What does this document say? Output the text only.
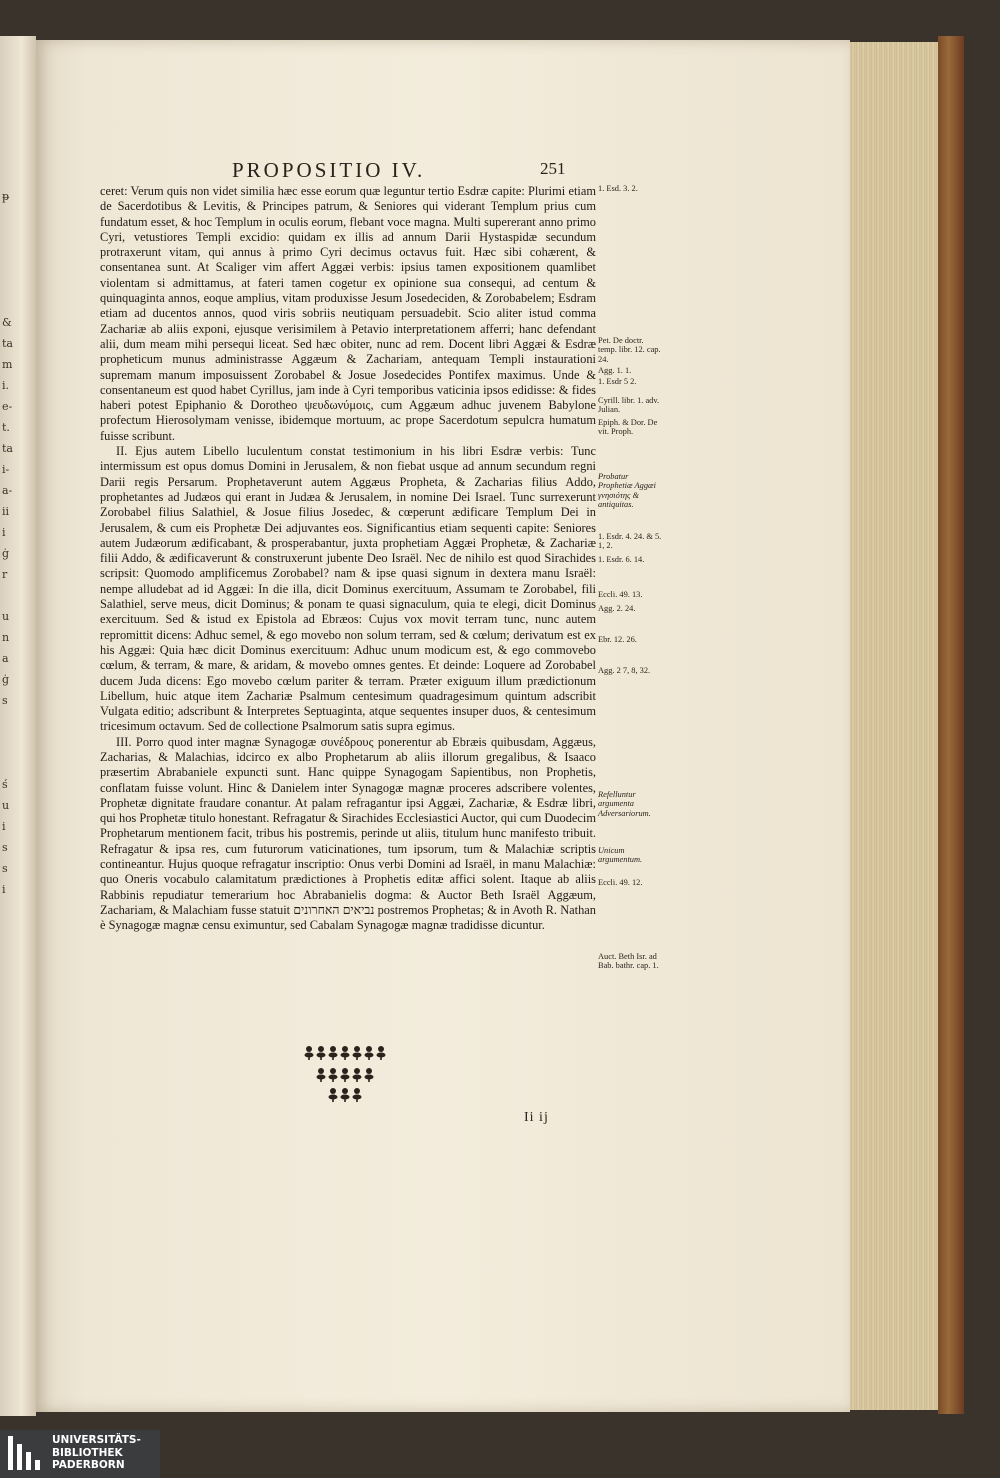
ᵽ

&
ta
m
i.
e-
t.
ta
i-
a-
ii
i
ġ
r

u
n
a
ġ
s

ś
u
i
s
s
i
PROPOSITIO IV.	251

ceret: Verum quis non videt similia hæc esse eorum quæ leguntur tertio Esdræ capite: Plurimi etiam de Sacerdotibus & Levitis, & Principes patrum, & Seniores qui viderant Templum prius cum fundatum esset, & hoc Templum in oculis eorum, flebant voce magna. Multi supererant anno primo Cyri, vetustiores Templi excidio: quidam ex illis ad annum Darii Hystaspidæ secundum protraxerunt vitam, qui annus à primo Cyri decimus octavus fuit. Hæc sibi cohærent, & consentanea sunt. At Scaliger vim affert Aggæi verbis: ipsius tamen expositionem quamlibet violentam si admittamus, at fateri tamen cogetur ex opinione sua consequi, ad centum & quinquaginta annos, eoque amplius, vitam produxisse Jesum Josedeciden, & Zorobabelem; Esdram etiam ad ducentos annos, quod viris sobriis neutiquam persuadebit. Scio aliter istud comma Zachariæ ab aliis exponi, ejusque verisimilem à Petavio interpretationem afferri; hanc defendant alii, dum meam mihi persequi liceat. Sed hæc obiter, nunc ad rem. Docent libri Aggæi & Esdræ propheticum munus administrasse Aggæum & Zachariam, antequam Templi instaurationi supremam manum imposuissent Zorobabel & Josue Josedecides Pontifex maximus. Unde & consentaneum est quod habet Cyrillus, jam inde à Cyri temporibus vaticinia ipsos edidisse: & fides haberi potest Epiphanio & Dorotheo ψευδωνύμοις, cum Aggæum adhuc juvenem Babylone profectum Hierosolymam venisse, ibidemque mortuum, ac prope Sacerdotum sepulcra humatum fuisse scribunt.

II. Ejus autem Libello luculentum constat testimonium in his libri Esdræ verbis: Tunc intermissum est opus domus Domini in Jerusalem, & non fiebat usque ad annum secundum regni Darii regis Persarum. Prophetaverunt autem Aggæus Propheta, & Zacharias filius Addo, prophetantes ad Judæos qui erant in Judæa & Jerusalem, in nomine Dei Israel. Tunc surrexerunt Zorobabel filius Salathiel, & Josue filius Josedec, & cœperunt ædificare Templum Dei in Jerusalem, & cum eis Prophetæ Dei adjuvantes eos. Significantius etiam sequenti capite: Seniores autem Judæorum ædificabant, & prosperabantur, juxta prophetiam Aggæi Prophetæ, & Zachariæ filii Addo, & ædificaverunt & construxerunt jubente Deo Israël. Nec de nihilo est quod Sirachides scripsit: Quomodo amplificemus Zorobabel? nam & ipse quasi signum in dextera manu Israël: nempe alludebat ad id Aggæi: In die illa, dicit Dominus exercituum, Assumam te Zorobabel, fili Salathiel, serve meus, dicit Dominus; & ponam te quasi signaculum, quia te elegi, dicit Dominus exercituum. Sed & istud ex Epistola ad Ebræos: Cujus vox movit terram tunc, nunc autem repromittit dicens: Adhuc semel, & ego movebo non solum terram, sed & cœlum; derivatum est ex his Aggæi: Quia hæc dicit Dominus exercituum: Adhuc unum modicum est, & ego commovebo cœlum, & terram, & mare, & aridam, & movebo omnes gentes. Et deinde: Loquere ad Zorobabel ducem Juda dicens: Ego movebo cœlum pariter & terram. Præter exiguum illum prædictionum Libellum, huic atque item Zachariæ Psalmum centesimum quadragesimum quintum adscribit Vulgata editio; adscribunt & Interpretes Septuaginta, atque sequentes insuper duos, & centesimum tricesimum octavum. Sed de collectione Psalmorum satis supra egimus.

III. Porro quod inter magnæ Synagogæ συνέδρους ponerentur ab Ebræis quibusdam, Aggæus, Zacharias, & Malachias, idcirco ex albo Prophetarum ab aliis illorum gregalibus, & Isaaco præsertim Abrabaniele expuncti sunt. Hanc quippe Synagogam Sapientibus, non Prophetis, conflatam fuisse volunt. Hinc & Danielem inter Synagogæ magnæ proceres adscribere volentes, Prophetæ dignitate fraudare conantur. At palam refragantur ipsi Aggæi, Zachariæ, & Esdræ libri, qui hos Prophetæ titulo honestant. Refragatur & Sirachides Ecclesiastici Auctor, qui cum Duodecim Prophetarum mentionem facit, tribus his postremis, perinde ut aliis, titulum hunc manifesto tribuit. Refragatur & ipsa res, cum futurorum vaticinationes, tum ipsorum, tum & Malachiæ scriptis contineantur. Hujus quoque refragatur inscriptio: Onus verbi Domini ad Israël, in manu Malachiæ: quo Oneris vocabulo calamitatum prædictiones à Prophetis editæ affici solent. Itaque ab aliis Rabbinis repudiatur temerarium hoc Abrabanielis dogma: & Auctor Beth Israël Aggæum, Zachariam, & Malachiam fusse statuit נביאים האחרונים postremos Prophetas; & in Avoth R. Nathan è Synagogæ magnæ censu eximuntur, sed Cabalam Synagogæ magnæ tradidisse dicuntur.

1. Esd. 3. 2.
Pet. De doctr. temp. libr. 12. cap. 24.
Agg. 1. 1.
1. Esdr 5 2.
Cyrill. libr. 1. adv. Julian.
Epiph. & Dor. De vit. Proph.
Probatur Prophetiæ Aggæi γνησιότης & antiquitas.
1. Esdr. 4. 24. & 5. 1, 2.
1. Esdr. 6. 14.
Eccli. 49. 13.
Agg. 2. 24.
Ebr. 12. 26.
Agg. 2 7, 8, 32.
Refelluntur argumenta Adversariorum.
Unicum argumentum.
Eccli. 49. 12.
Auct. Beth Isr. ad Bab. bathr. cap. 1.
Ii ij
UNIVERSITÄTS-
BIBLIOTHEK
PADERBORN
